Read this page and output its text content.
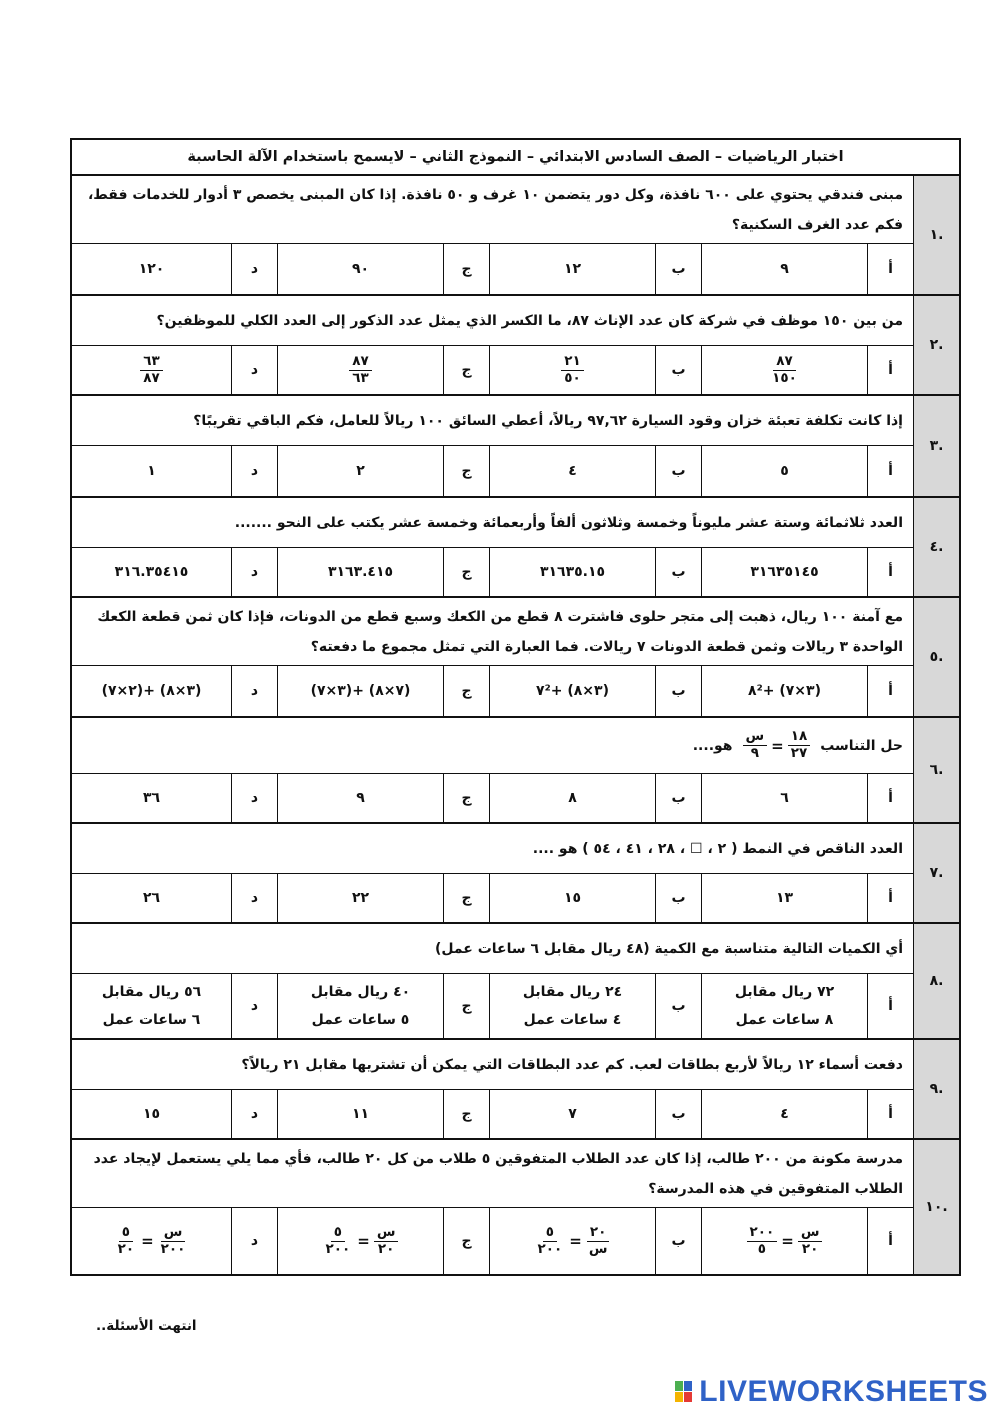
اختبار الرياضيات – الصف السادس الابتدائي – النموذج الثاني – لايسمح باستخدام الآلة الحاسبة
.١
مبنى فندقي يحتوي على ٦٠٠ نافذة، وكل دور يتضمن ١٠ غرف و ٥٠ نافذة. إذا كان المبنى يخصص ٣ أدوار للخدمات فقط،
فكم عدد الغرف السكنية؟
أ
٩
ب
١٢
ج
٩٠
د
١٢٠
.٢
من بين ١٥٠ موظف في شركة كان عدد الإناث ٨٧، ما الكسر الذي يمثل عدد الذكور إلى العدد الكلي للموظفين؟
أ
$\frac{٨٧}{١٥٠}$
ب
$\frac{٢١}{٥٠}$
ج
$\frac{٨٧}{٦٣}$
د
$\frac{٦٣}{٨٧}$
.٣
إذا كانت تكلفة تعبئة خزان وقود السيارة ٩٧,٦٢ ريالاً، أعطي السائق ١٠٠ ريالاً للعامل، فكم الباقي تقريبًا؟
أ
٥
ب
٤
ج
٢
د
١
.٤
العدد ثلاثمائة وستة عشر مليوناً وخمسة وثلاثون ألفاً وأربعمائة وخمسة عشر يكتب على النحو .......
أ
٣١٦٣٥١٤٥
ب
٣١٦٣٥.١٥
ج
٣١٦٣.٤١٥
د
٣١٦.٣٥٤١٥
.٥
مع آمنة ١٠٠ ريال، ذهبت إلى متجر حلوى فاشترت ٨ قطع من الكعك وسبع قطع من الدونات، فإذا كان ثمن قطعة الكعك
الواحدة ٣ ريالات وثمن قطعة الدونات ٧ ريالات. فما العبارة التي تمثل مجموع ما دفعته؟
أ
(٣×٧) +٨²
ب
(٣×٨) +٧²
ج
(٧×٨) +(٣×٧)
د
(٣×٨) +(٢×٧)
.٦
حل التناسب
$\frac{\text{س}}{٩} = \frac{١٨}{٢٧}$
هو....
أ
٦
ب
٨
ج
٩
د
٣٦
.٧
العدد الناقص في النمط ( ٢ ، ☐ ، ٢٨ ، ٤١ ، ٥٤ ) هو ....
أ
١٣
ب
١٥
ج
٢٢
د
٢٦
.٨
أي الكميات التالية متناسبة مع الكمية (٤٨ ريال مقابل ٦ ساعات عمل)
أ
٧٢ ريال مقابل
٨ ساعات عمل
ب
٢٤ ريال مقابل
٤ ساعات عمل
ج
٤٠ ريال مقابل
٥ ساعات عمل
د
٥٦ ريال مقابل
٦ ساعات عمل
.٩
دفعت أسماء ١٢ ريالاً لأربع بطاقات لعب. كم عدد البطاقات التي يمكن أن تشتريها مقابل ٢١ ريالاً؟
أ
٤
ب
٧
ج
١١
د
١٥
.١٠
مدرسة مكونة من ٢٠٠ طالب، إذا كان عدد الطلاب المتفوقين ٥ طلاب من كل ٢٠ طالب، فأي مما يلي يستعمل لإيجاد عدد
الطلاب المتفوقين في هذه المدرسة؟
أ
$\frac{٢٠٠}{٥} = \frac{\text{س}}{٢٠}$
ب
$\frac{٥}{٢٠٠} = \frac{٢٠}{\text{س}}$
ج
$\frac{٥}{٢٠٠} = \frac{\text{س}}{٢٠}$
د
$\frac{٥}{٢٠} = \frac{\text{س}}{٢٠٠}$
انتهت الأسئلة..
LIVEWORKSHEETS
